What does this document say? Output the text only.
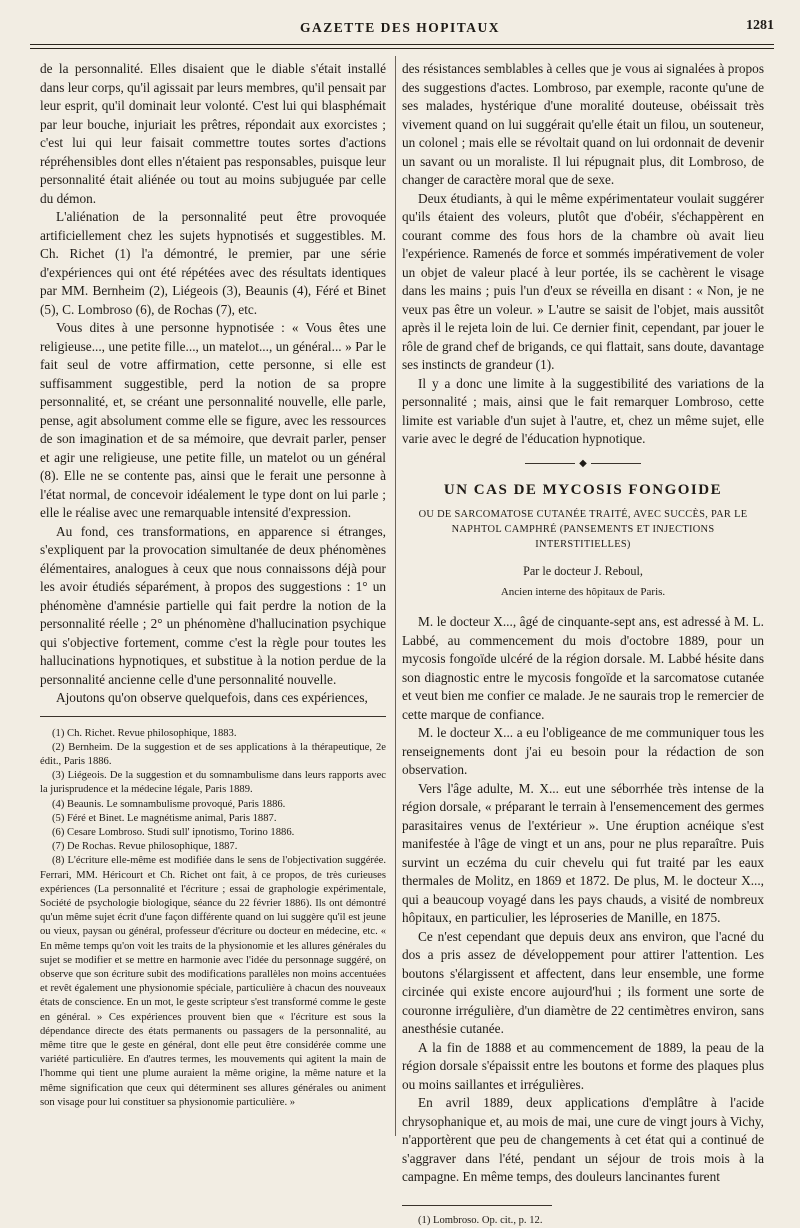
GAZETTE DES HOPITAUX	1281

de la personnalité. Elles disaient que le diable s'était installé dans leur corps, qu'il agissait par leurs membres, qu'il pensait par leur esprit, qu'il dominait leur volonté. C'est lui qui blasphémait par leur bouche, injuriait les prêtres, répondait aux exorcistes ; c'est lui qui leur faisait commettre toutes sortes d'actions répréhensibles dont elles n'étaient pas responsables, puisque leur personnalité était aliénée ou tout au moins subjuguée par celle du démon.

L'aliénation de la personnalité peut être provoquée artificiellement chez les sujets hypnotisés et suggestibles. M. Ch. Richet (1) l'a démontré, le premier, par une série d'expériences qui ont été répétées avec des résultats identiques par MM. Bernheim (2), Liégeois (3), Beaunis (4), Féré et Binet (5), C. Lombroso (6), de Rochas (7), etc.

Vous dites à une personne hypnotisée : « Vous êtes une religieuse..., une petite fille..., un matelot..., un général... » Par le fait seul de votre affirmation, cette personne, si elle est suffisamment suggestible, perd la notion de sa propre personnalité, et, se créant une personnalité nouvelle, elle parle, pense, agit absolument comme elle se figure, avec les ressources de son imagination et de sa mémoire, que devrait parler, penser et agir une religieuse, une petite fille, un matelot ou un général (8). Elle ne se contente pas, ainsi que le ferait une personne à l'état normal, de concevoir idéalement le type dont on lui parle ; elle le réalise avec une remarquable intensité d'expression.

Au fond, ces transformations, en apparence si étranges, s'expliquent par la provocation simultanée de deux phénomènes élémentaires, analogues à ceux que nous connaissons déjà pour les avoir étudiés séparément, à propos des suggestions : 1° un phénomène d'amnésie partielle qui fait perdre la notion de la personnalité réelle ; 2° un phénomène d'hallucination psychique qui s'objective fortement, comme c'est la règle pour toutes les hallucinations hypnotiques, et substitue à la notion perdue de la personnalité ancienne celle d'une personnalité nouvelle.

Ajoutons qu'on observe quelquefois, dans ces expériences,

(1) Ch. Richet. Revue philosophique, 1883.

(2) Bernheim. De la suggestion et de ses applications à la thérapeutique, 2e édit., Paris 1886.

(3) Liégeois. De la suggestion et du somnambulisme dans leurs rapports avec la jurisprudence et la médecine légale, Paris 1889.

(4) Beaunis. Le somnambulisme provoqué, Paris 1886.

(5) Féré et Binet. Le magnétisme animal, Paris 1887.

(6) Cesare Lombroso. Studi sull' ipnotismo, Torino 1886.

(7) De Rochas. Revue philosophique, 1887.

(8) L'écriture elle-même est modifiée dans le sens de l'objectivation suggérée. Ferrari, MM. Héricourt et Ch. Richet ont fait, à ce propos, de très curieuses expériences (La personnalité et l'écriture ; essai de graphologie expérimentale, Société de psychologie biologique, séance du 22 février 1886). Ils ont démontré qu'un même sujet écrit d'une façon différente quand on lui suggère qu'il est jeune ou vieux, paysan ou général, professeur d'écriture ou docteur en médecine, etc. « En même temps qu'on voit les traits de la physionomie et les allures générales du sujet se modifier et se mettre en harmonie avec l'idée du personnage suggéré, on observe que son écriture subit des modifications parallèles non moins accentuées et revêt également une physionomie spéciale, particulière à chacun des nouveaux états de conscience. En un mot, le geste scripteur s'est transformé comme le geste en général. » Ces expériences prouvent bien que « l'écriture est sous la dépendance directe des états permanents ou passagers de la personnalité, au même titre que le geste en général, dont elle peut être considérée comme une variété particulière. En d'autres termes, les mouvements qui agitent la main de l'homme qui tient une plume auraient la même origine, la même nature et la même signification que ceux qui déterminent ses allures générales ou animent son visage pour lui constituer sa physionomie particulière. »

des résistances semblables à celles que je vous ai signalées à propos des suggestions d'actes. Lombroso, par exemple, raconte qu'une de ses malades, hystérique d'une moralité douteuse, obéissait très vivement quand on lui suggérait qu'elle était un filou, un souteneur, un colonel ; mais elle se révoltait quand on lui ordonnait de devenir un savant ou un moraliste. Il lui répugnait plus, dit Lombroso, de changer de caractère moral que de sexe.

Deux étudiants, à qui le même expérimentateur voulait suggérer qu'ils étaient des voleurs, plutôt que d'obéir, s'échappèrent en courant comme des fous hors de la chambre où avait lieu l'expérience. Ramenés de force et sommés impérativement de voler un objet de valeur placé à leur portée, ils se cachèrent le visage dans les mains ; puis l'un d'eux se réveilla en disant : « Non, je ne veux pas être un voleur. » L'autre se saisit de l'objet, mais aussitôt après il le rejeta loin de lui. Ce dernier finit, cependant, par jouer le rôle de grand chef de brigands, ce qui flattait, sans doute, davantage ses instincts de grandeur (1).

Il y a donc une limite à la suggestibilité des variations de la personnalité ; mais, ainsi que le fait remarquer Lombroso, cette limite est variable d'un sujet à l'autre, et, chez un même sujet, elle varie avec le degré de l'éducation hypnotique.

◆
UN CAS DE MYCOSIS FONGOIDE
OU DE SARCOMATOSE CUTANÉE TRAITÉ, AVEC SUCCÈS, PAR LE NAPHTOL CAMPHRÉ (PANSEMENTS ET INJECTIONS INTERSTITIELLES)
Par le docteur J. Reboul,
Ancien interne des hôpitaux de Paris.

M. le docteur X..., âgé de cinquante-sept ans, est adressé à M. L. Labbé, au commencement du mois d'octobre 1889, pour un mycosis fongoïde ulcéré de la région dorsale. M. Labbé hésite dans son diagnostic entre le mycosis fongoïde et la sarcomatose cutanée et veut bien me confier ce malade. Je ne saurais trop le remercier de cette marque de confiance.

M. le docteur X... a eu l'obligeance de me communiquer tous les renseignements dont j'ai eu besoin pour la rédaction de son observation.

Vers l'âge adulte, M. X... eut une séborrhée très intense de la région dorsale, « préparant le terrain à l'ensemencement des germes parasitaires venus de l'extérieur ». Une éruption acnéique s'est manifestée à l'âge de vingt et un ans, pour ne plus reparaître. Puis survint un eczéma du cuir chevelu qui fut traité par les eaux thermales de Molitz, en 1869 et 1872. De plus, M. le docteur X..., qui a beaucoup voyagé dans les pays chauds, a visité de nombreux hôpitaux, en particulier, les léproseries de Manille, en 1875.

Ce n'est cependant que depuis deux ans environ, que l'acné du dos a pris assez de développement pour attirer l'attention. Les boutons s'élargissent et affectent, dans leur ensemble, une forme circinée qui existe encore aujourd'hui ; ils forment une sorte de couronne irrégulière, d'un diamètre de 22 centimètres environ, sans anesthésie cutanée.

A la fin de 1888 et au commencement de 1889, la peau de la région dorsale s'épaissit entre les boutons et forme des plaques plus ou moins saillantes et irrégulières.

En avril 1889, deux applications d'emplâtre à l'acide chrysophanique et, au mois de mai, une cure de vingt jours à Vichy, n'apportèrent que peu de changements à cet état qui a continué de s'aggraver dans l'été, pendant un séjour de trois mois à la campagne. En même temps, des douleurs lancinantes furent

(1) Lombroso. Op. cit., p. 12.
